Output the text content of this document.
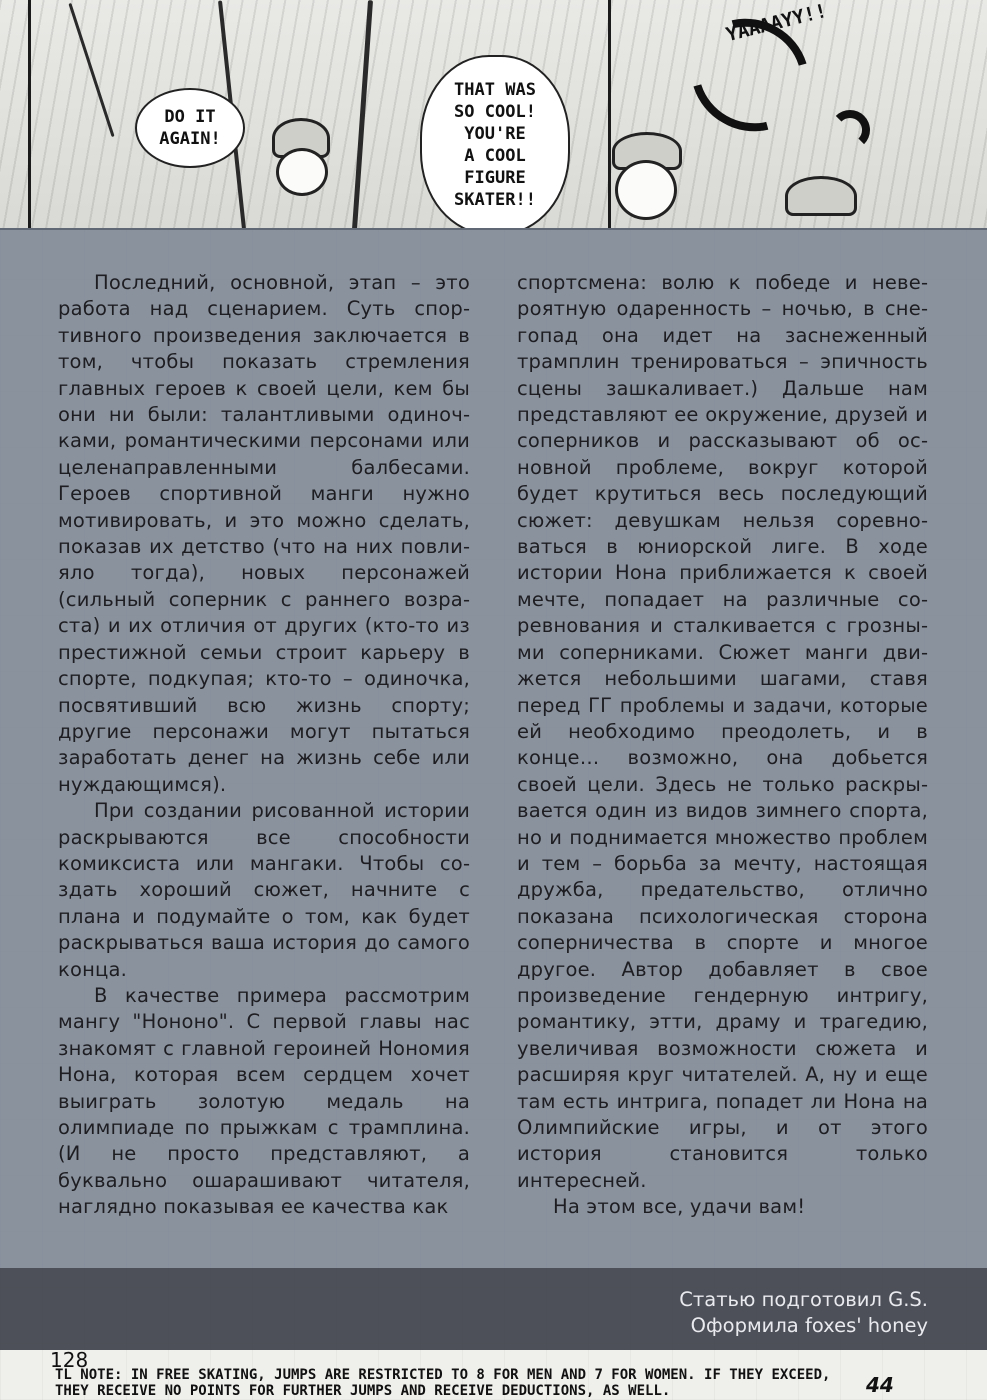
DO IT
AGAIN!
THAT WAS
SO COOL!
YOU'RE
A COOL
FIGURE
SKATER!!
YAAAAYY!!

Последний, основной, этап – это работа над сценарием. Суть спортивного произведения заключается в том, чтобы показать стремления главных героев к своей цели, кем бы они ни были: талантливыми одиночками, романтическими персонами или целенаправленными балбесами. Героев спортивной манги нужно мотивировать, и это можно сделать, показав их детство (что на них повлияло тогда), новых персонажей (сильный соперник с раннего возраста) и их отличия от других (кто-то из престижной семьи строит карьеру в спорте, подкупая; кто-то – одиночка, посвятивший всю жизнь спорту; другие персонажи могут пытаться заработать денег на жизнь себе или нуждающимся).

При создании рисованной истории раскрываются все способности комиксиста или мангаки. Чтобы создать хороший сюжет, начните с плана и подумайте о том, как будет раскрываться ваша история до самого конца.

В качестве примера рассмотрим мангу "Нононо". С первой главы нас знакомят с главной героиней Нономия Нона, которая всем сердцем хочет выиграть золотую медаль на олимпиаде по прыжкам с трамплина. (И не просто представляют, а буквально ошарашивают читателя, наглядно показывая ее качества как

спортсмена: волю к победе и невероятную одаренность – ночью, в снегопад она идет на заснеженный трамплин тренироваться – эпичность сцены зашкаливает.) Дальше нам представляют ее окружение, друзей и соперников и рассказывают об основной проблеме, вокруг которой будет крутиться весь последующий сюжет: девушкам нельзя соревноваться в юниорской лиге. В ходе истории Нона приближается к своей мечте, попадает на различные соревнования и сталкивается с грозными соперниками. Сюжет манги движется небольшими шагами, ставя перед ГГ проблемы и задачи, которые ей необходимо преодолеть, и в конце… возможно, она добьется своей цели. Здесь не только раскрывается один из видов зимнего спорта, но и поднимается множество проблем и тем – борьба за мечту, настоящая дружба, предательство, отлично показана психологическая сторона соперничества в спорте и многое другое. Автор добавляет в свое произведение гендерную интригу, романтику, этти, драму и трагедию, увеличивая возможности сюжета и расширяя круг читателей. А, ну и еще там есть интрига, попадет ли Нона на Олимпийские игры, и от этого история становится только интересней.

На этом все, удачи вам!

Статью подготовил G.S.
Оформила foxes' honey
128
TL NOTE: IN FREE SKATING, JUMPS ARE RESTRICTED TO 8 FOR MEN AND 7 FOR WOMEN. IF THEY EXCEED, THEY RECEIVE NO POINTS FOR FURTHER JUMPS AND RECEIVE DEDUCTIONS, AS WELL.	44
